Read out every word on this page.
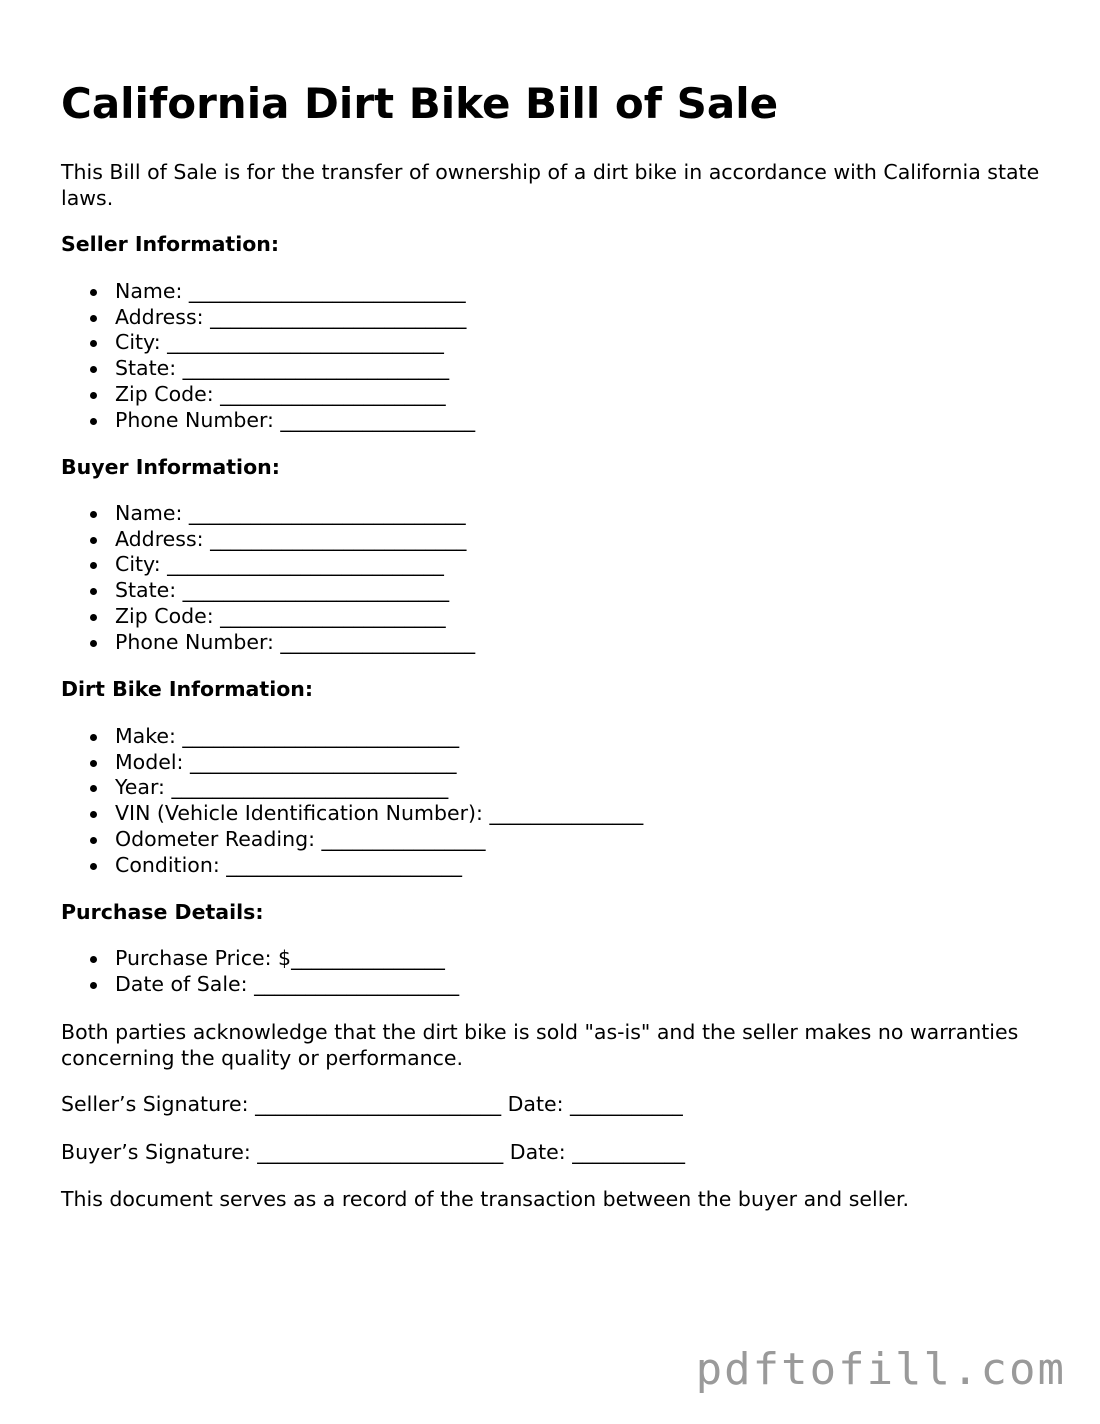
California Dirt Bike Bill of Sale
This Bill of Sale is for the transfer of ownership of a dirt bike in accordance with California state laws.
Seller Information:
Name: ___________________________
Address: _________________________
City: ___________________________
State: __________________________
Zip Code: ______________________
Phone Number: ___________________
Buyer Information:
Name: ___________________________
Address: _________________________
City: ___________________________
State: __________________________
Zip Code: ______________________
Phone Number: ___________________
Dirt Bike Information:
Make: ___________________________
Model: __________________________
Year: ___________________________
VIN (Vehicle Identification Number): _______________
Odometer Reading: ________________
Condition: _______________________
Purchase Details:
Purchase Price: $_______________
Date of Sale: ____________________
Both parties acknowledge that the dirt bike is sold "as-is" and the seller makes no warranties concerning the quality or performance.
Seller’s Signature: ________________________ Date: ___________
Buyer’s Signature: ________________________ Date: ___________
This document serves as a record of the transaction between the buyer and seller.
pdftofill.com
